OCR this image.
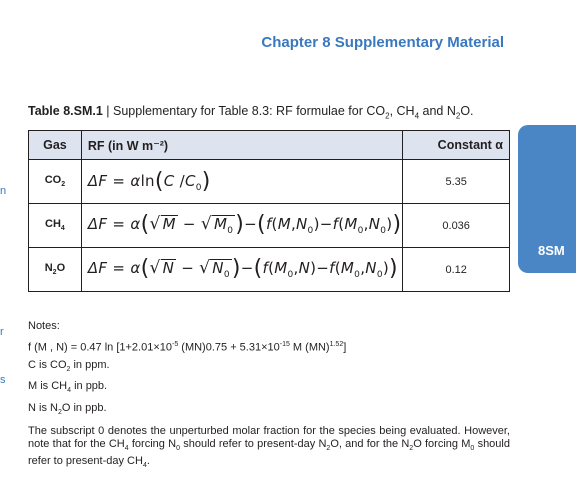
Chapter 8 Supplementary Material
8SM
n
r
s
Table 8.SM.1 | Supplementary for Table 8.3: RF formulae for $CO_2$, $CH_4$ and $N_2O$.
Gas	RF (in W m⁻²)	Constant α
$CO_2$	ΔF = αln(C $/C_0$)	5.35
$CH_4$	ΔF = α(√ M − √ $M_0)-(f(M,N_0)-f(M_0,N_0))$	0.036
$N_2O$	ΔF = α(√ N − √ $N_0)-(f(M_0,N)-f(M_0,N_0))$	0.12
Notes:
f (M , N) = 0.47 $\ln [1+2.01\times 10^{-5}$ $(MN)0.75 + 5.31\times 10^{-15}$ M (MN)$^{1.52}$]
C is $CO_2$ in ppm.
M is $CH_4$ in ppb.
N is $N_2O$ in ppb.
The subscript 0 denotes the unperturbed molar fraction for the species being evaluated. However, note that for the $CH_4$ forcing $N_0$ should refer to present-day $N_2O$, and for the $N_2O$ forcing $M_0$ should refer to present-day $CH_4$.
